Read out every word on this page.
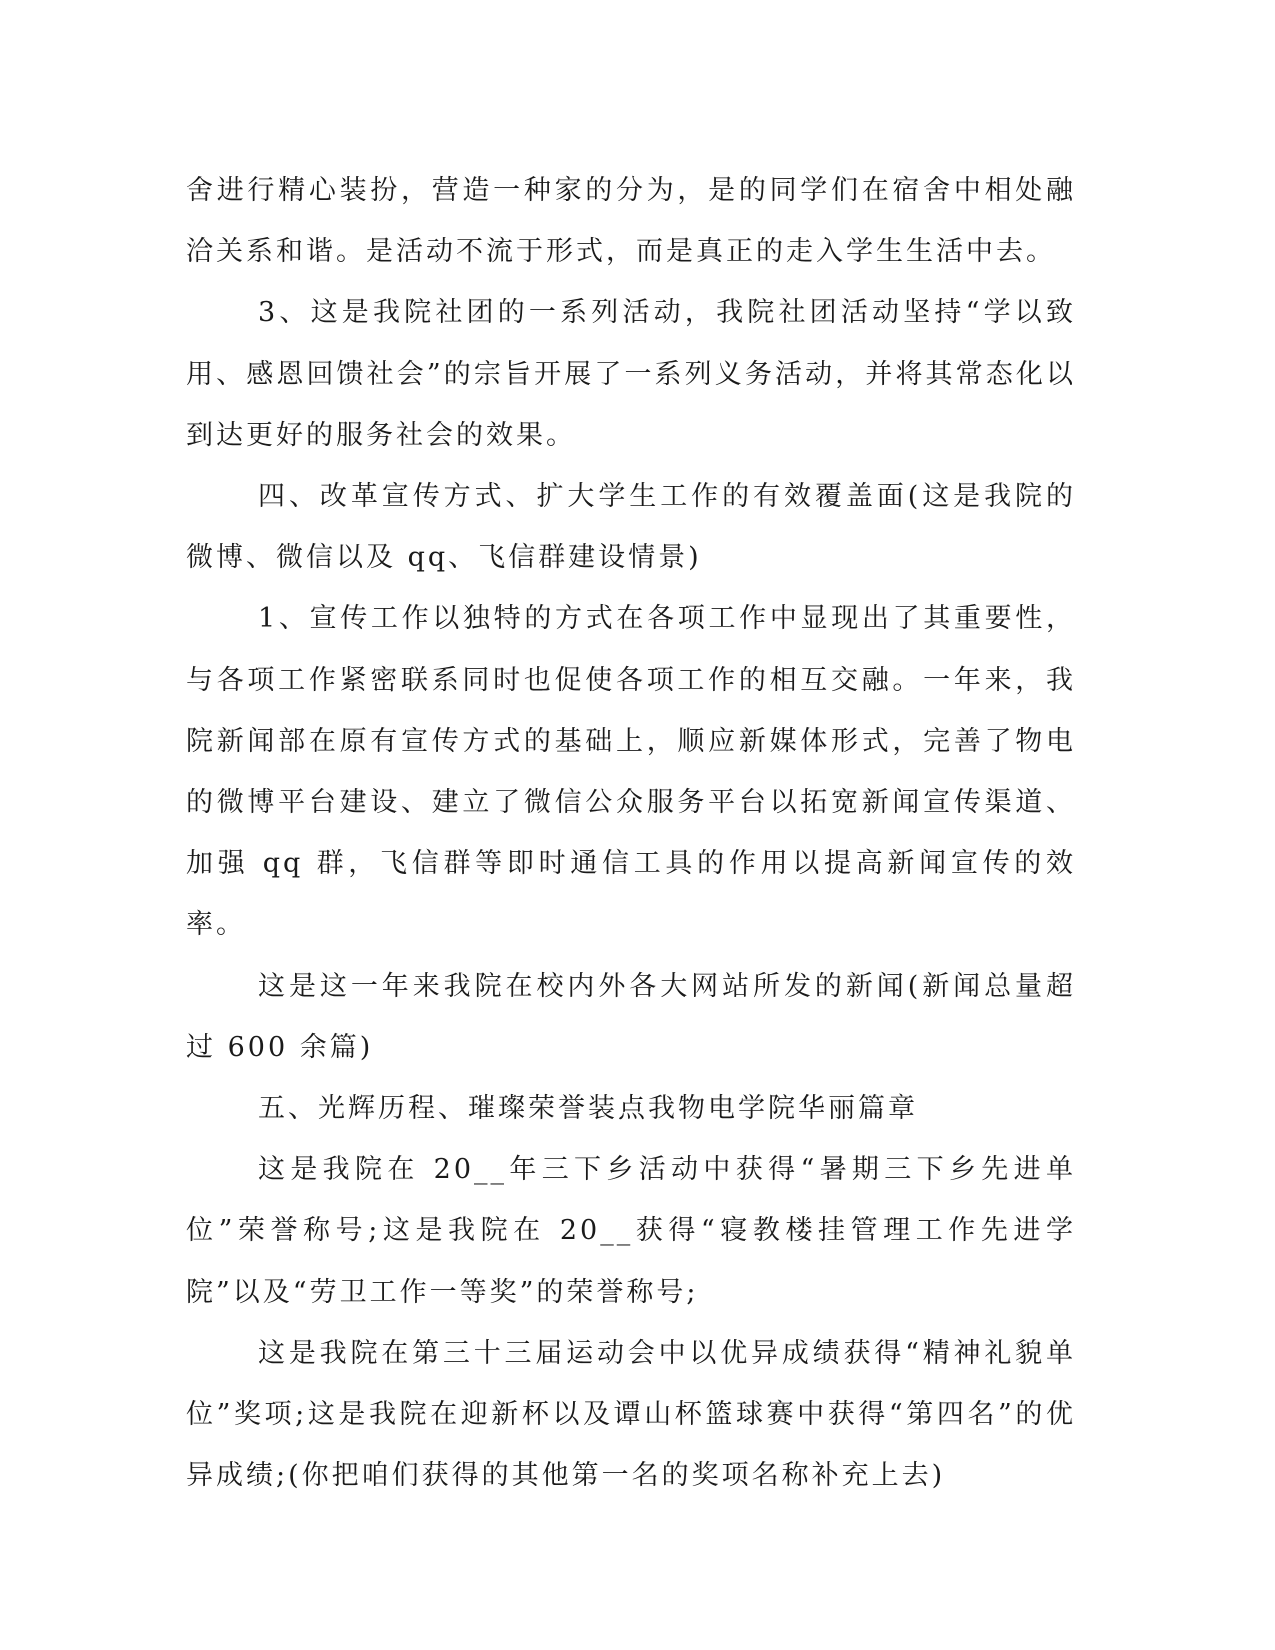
舍进行精心装扮，营造一种家的分为，是的同学们在宿舍中相处融洽关系和谐。是活动不流于形式，而是真正的走入学生生活中去。

3、这是我院社团的一系列活动，我院社团活动坚持“学以致用、感恩回馈社会”的宗旨开展了一系列义务活动，并将其常态化以到达更好的服务社会的效果。

四、改革宣传方式、扩大学生工作的有效覆盖面(这是我院的微博、微信以及 qq、飞信群建设情景)

1、宣传工作以独特的方式在各项工作中显现出了其重要性，与各项工作紧密联系同时也促使各项工作的相互交融。一年来，我院新闻部在原有宣传方式的基础上，顺应新媒体形式，完善了物电的微博平台建设、建立了微信公众服务平台以拓宽新闻宣传渠道、加强 qq 群，飞信群等即时通信工具的作用以提高新闻宣传的效率。

这是这一年来我院在校内外各大网站所发的新闻(新闻总量超过 600 余篇)

五、光辉历程、璀璨荣誉装点我物电学院华丽篇章

这是我院在 20__年三下乡活动中获得“暑期三下乡先进单位”荣誉称号;这是我院在 20__获得“寝教楼挂管理工作先进学院”以及“劳卫工作一等奖”的荣誉称号;

这是我院在第三十三届运动会中以优异成绩获得“精神礼貌单位”奖项;这是我院在迎新杯以及谭山杯篮球赛中获得“第四名”的优异成绩;(你把咱们获得的其他第一名的奖项名称补充上去)
